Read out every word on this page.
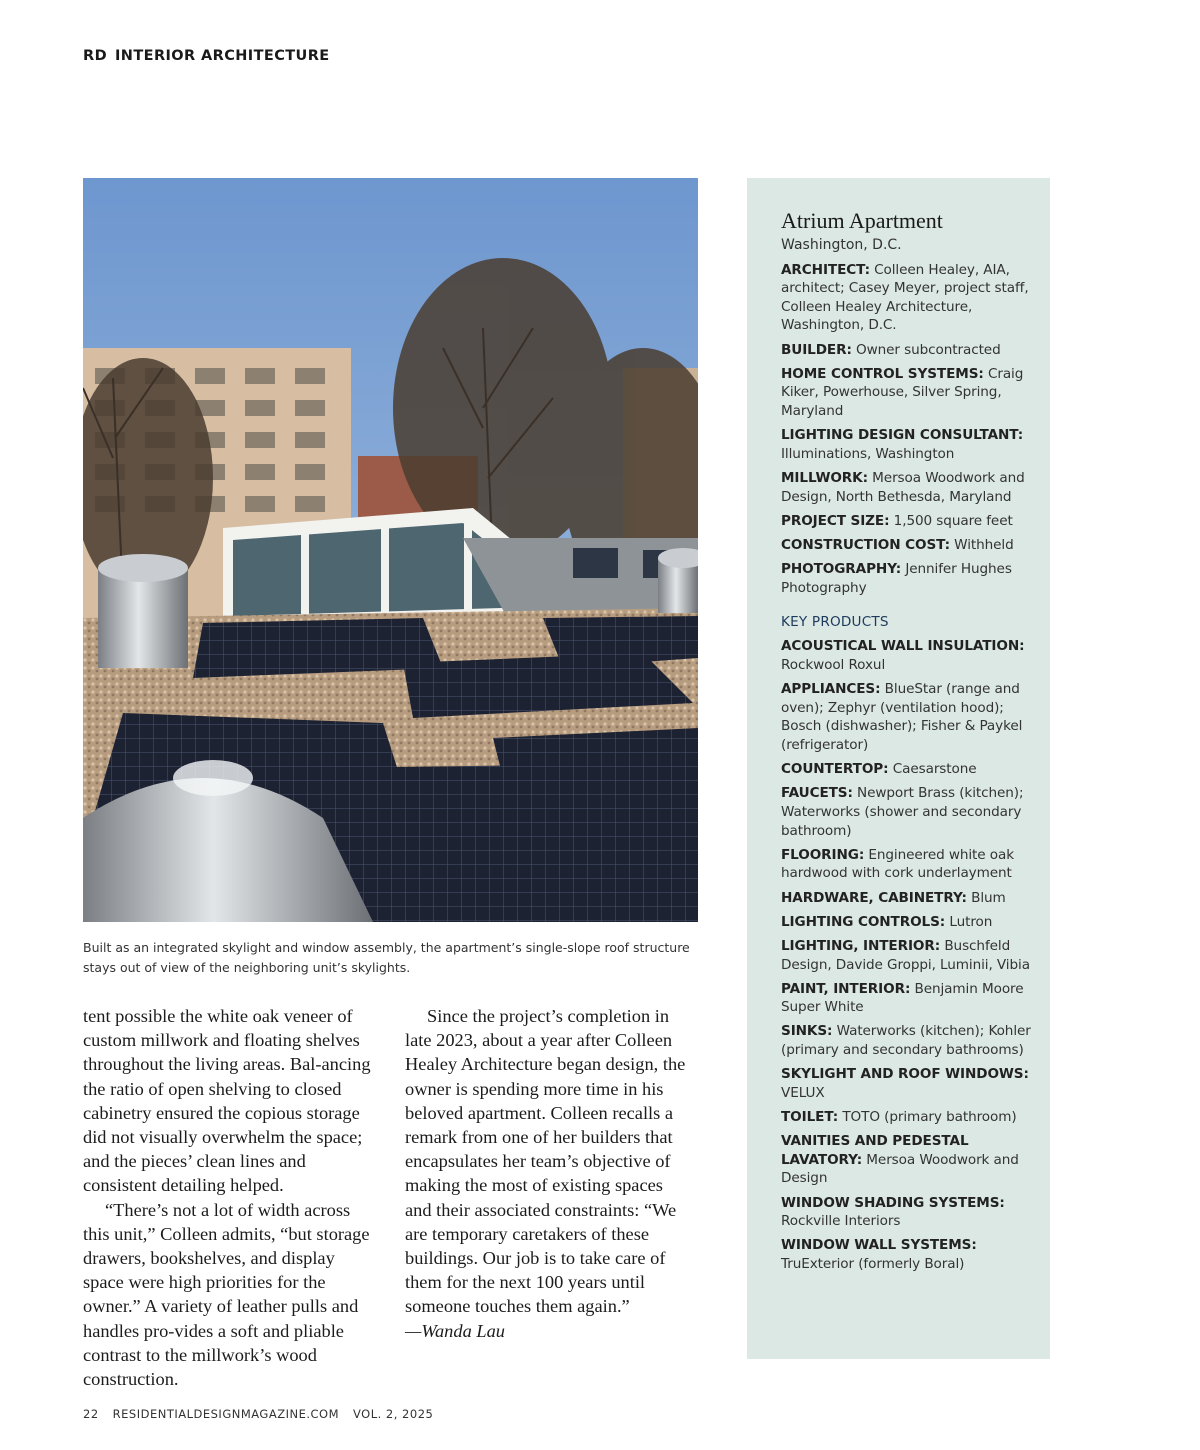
RD INTERIOR ARCHITECTURE
Built as an integrated skylight and window assembly, the apartment’s single-slope roof structure stays out of view of the neighboring unit’s skylights.

tent possible the white oak veneer of custom millwork and floating shelves throughout the living areas. Bal-ancing the ratio of open shelving to closed cabinetry ensured the copious storage did not visually overwhelm the space; and the pieces’ clean lines and consistent detailing helped.

“There’s not a lot of width across this unit,” Colleen admits, “but storage drawers, bookshelves, and display space were high priorities for the owner.” A variety of leather pulls and handles pro-vides a soft and pliable contrast to the millwork’s wood construction.

Since the project’s completion in late 2023, about a year after Colleen Healey Architecture began design, the owner is spending more time in his beloved apartment. Colleen recalls a remark from one of her builders that encapsulates her team’s objective of making the most of existing spaces and their associated constraints: “We are temporary caretakers of these buildings. Our job is to take care of them for the next 100 years until someone touches them again.”

—Wanda Lau

Atrium Apartment
Washington, D.C.

ARCHITECT: Colleen Healey, AIA, architect; Casey Meyer, project staff, Colleen Healey Architecture, Washington, D.C.

BUILDER: Owner subcontracted

HOME CONTROL SYSTEMS: Craig Kiker, Powerhouse, Silver Spring, Maryland

LIGHTING DESIGN CONSULTANT: Illuminations, Washington

MILLWORK: Mersoa Woodwork and Design, North Bethesda, Maryland

PROJECT SIZE: 1,500 square feet

CONSTRUCTION COST: Withheld

PHOTOGRAPHY: Jennifer Hughes Photography

KEY PRODUCTS

ACOUSTICAL WALL INSULATION: Rockwool Roxul

APPLIANCES: BlueStar (range and oven); Zephyr (ventilation hood); Bosch (dishwasher); Fisher & Paykel (refrigerator)

COUNTERTOP: Caesarstone

FAUCETS: Newport Brass (kitchen); Waterworks (shower and secondary bathroom)

FLOORING: Engineered white oak hardwood with cork underlayment

HARDWARE, CABINETRY: Blum

LIGHTING CONTROLS: Lutron

LIGHTING, INTERIOR: Buschfeld Design, Davide Groppi, Luminii, Vibia

PAINT, INTERIOR: Benjamin Moore Super White

SINKS: Waterworks (kitchen); Kohler (primary and secondary bathrooms)

SKYLIGHT AND ROOF WINDOWS: VELUX

TOILET: TOTO (primary bathroom)

VANITIES AND PEDESTAL LAVATORY: Mersoa Woodwork and Design

WINDOW SHADING SYSTEMS: Rockville Interiors

WINDOW WALL SYSTEMS: TruExterior (formerly Boral)

22 RESIDENTIALDESIGNMAGAZINE.COM VOL. 2, 2025
